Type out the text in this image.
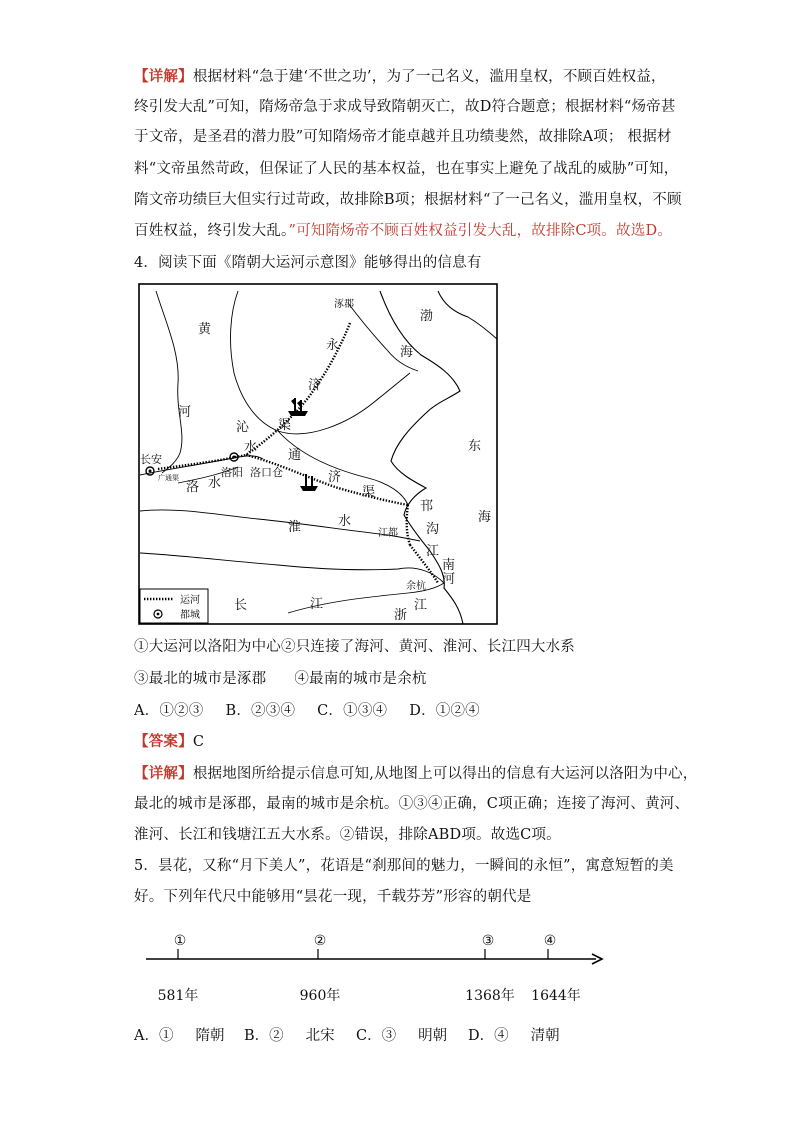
【详解】根据材料“急于建‘不世之功’，为了一己名义，滥用皇权，不顾百姓权益，
终引发大乱”可知，隋炀帝急于求成导致隋朝灭亡，故D符合题意；根据材料“炀帝甚
于文帝，是圣君的潜力股”可知隋炀帝才能卓越并且功绩斐然，故排除A项； 根据材
料“文帝虽然苛政，但保证了人民的基本权益，也在事实上避免了战乱的威胁”可知，
隋文帝功绩巨大但实行过苛政，故排除B项；根据材料“了一己名义，滥用皇权，不顾
百姓权益，终引发大乱。”可知隋炀帝不顾百姓权益引发大乱，故排除C项。故选D。
4．阅读下面《隋朝大运河示意图》能够得出的信息有
涿郡
渤
海
黄
河
永
济
沁
水
渠
东
长安
洛阳 洛口仓
广通渠
洛 水
通
济
渠
淮	水
江都
邗
沟
海
江
南
河
余杭
长	江
浙
江
运河
都城
①大运河以洛阳为中心②只连接了海河、黄河、淮河、长江四大水系
③最北的城市是涿郡 ④最南的城市是余杭
A．①②③ B．②③④ C．①③④ D．①②④
【答案】C
【详解】根据地图所给提示信息可知,从地图上可以得出的信息有大运河以洛阳为中心，
最北的城市是涿郡，最南的城市是余杭。①③④正确，C项正确；连接了海河、黄河、
淮河、长江和钱塘江五大水系。②错误，排除ABD项。故选C项。
5．昙花，又称“月下美人”，花语是“刹那间的魅力，一瞬间的永恒”，寓意短暂的美
好。下列年代尺中能够用“昙花一现，千载芬芳”形容的朝代是
①	②	③	④
581年	960年	1368年 1644年
A．① 隋朝 B．② 北宋 C．③ 明朝 D．④ 清朝
